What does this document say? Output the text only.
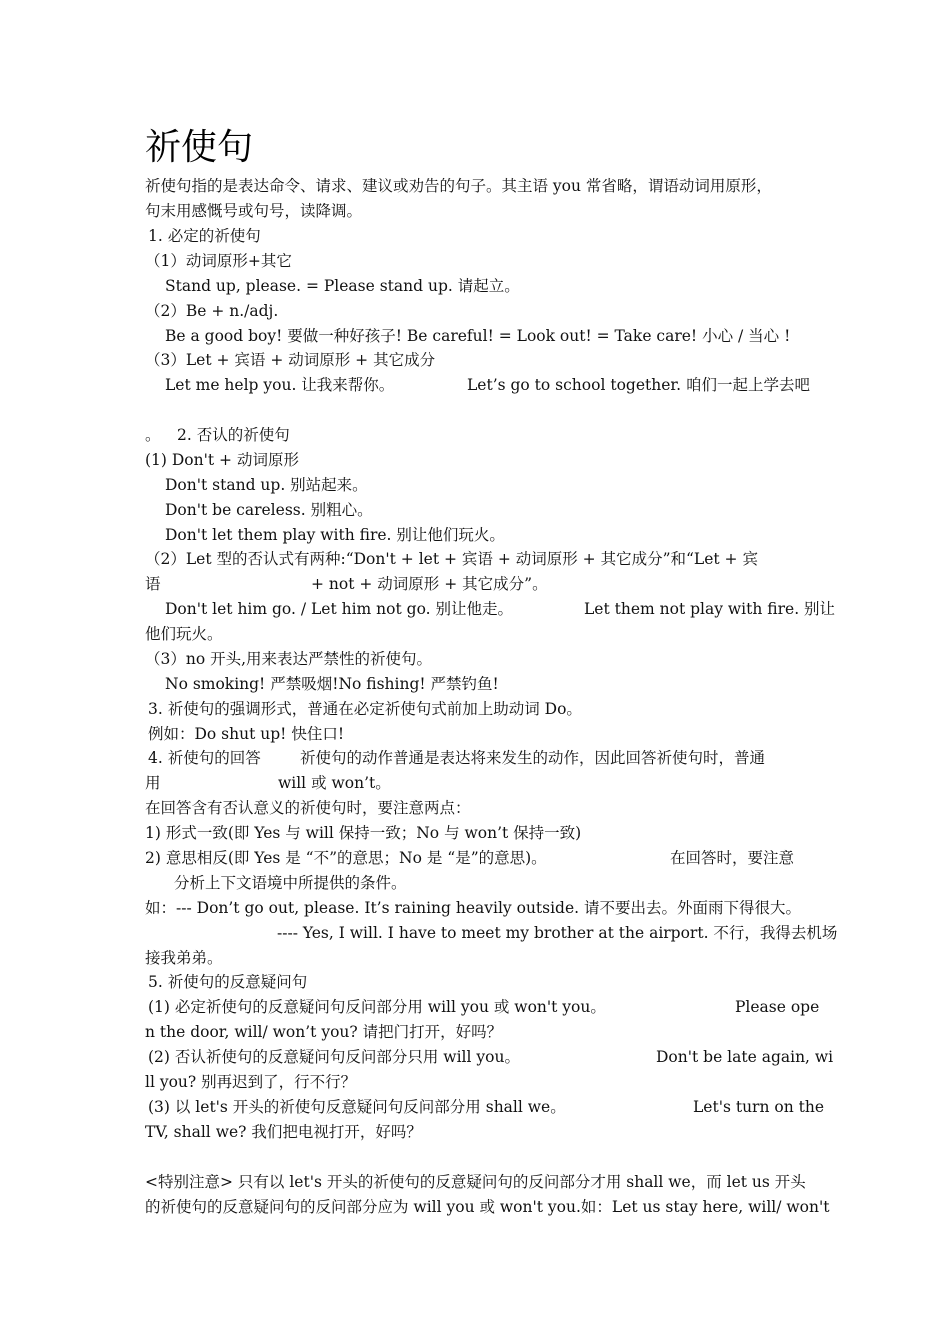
祈使句
祈使句指的是表达命令、请求、建议或劝告的句子。其主语 you 常省略，谓语动词用原形，
句末用感慨号或句号，读降调。
1. 必定的祈使句
（1）动词原形+其它
Stand up, please. = Please stand up. 请起立。
（2）Be + n./adj.
Be a good boy! 要做一种好孩子! Be careful! = Look out! = Take care! 小心 / 当心 !
（3）Let + 宾语 + 动词原形 + 其它成分
Let me help you. 让我来帮你。	Let’s go to school together. 咱们一起上学去吧
。 2. 否认的祈使句
(1) Don't + 动词原形
Don't stand up. 别站起来。
Don't be careless. 别粗心。
Don't let them play with fire. 别让他们玩火。
（2）Let 型的否认式有两种:“Don't + let + 宾语 + 动词原形 + 其它成分”和“Let + 宾
语	+ not + 动词原形 + 其它成分”。
Don't let him go. / Let him not go. 别让他走。	Let them not play with fire. 别让
他们玩火。
（3）no 开头,用来表达严禁性的祈使句。
No smoking! 严禁吸烟!No fishing! 严禁钓鱼!
3. 祈使句的强调形式，普通在必定祈使句式前加上助动词 Do。
例如：Do shut up! 快住口!
4. 祈使句的回答	祈使句的动作普通是表达将来发生的动作，因此回答祈使句时，普通
用	will 或 won’t。
在回答含有否认意义的祈使句时，要注意两点：
1) 形式一致(即 Yes 与 will 保持一致；No 与 won’t 保持一致)
2) 意思相反(即 Yes 是 “不”的意思；No 是 “是”的意思)。	在回答时，要注意
分析上下文语境中所提供的条件。
如：--- Don’t go out, please. It’s raining heavily outside. 请不要出去。外面雨下得很大。
---- Yes, I will. I have to meet my brother at the airport. 不行，我得去机场
接我弟弟。
5. 祈使句的反意疑问句
(1) 必定祈使句的反意疑问句反问部分用 will you 或 won't you。	Please ope
n the door, will/ won’t you? 请把门打开，好吗？
(2) 否认祈使句的反意疑问句反问部分只用 will you。	Don't be late again, wi
ll you? 别再迟到了，行不行？
(3) 以 let's 开头的祈使句反意疑问句反问部分用 shall we。	Let's turn on the
TV, shall we? 我们把电视打开，好吗？
<特别注意> 只有以 let's 开头的祈使句的反意疑问句的反问部分才用 shall we，而 let us 开头
的祈使句的反意疑问句的反问部分应为 will you 或 won't you.如：Let us stay here, will/ won't
